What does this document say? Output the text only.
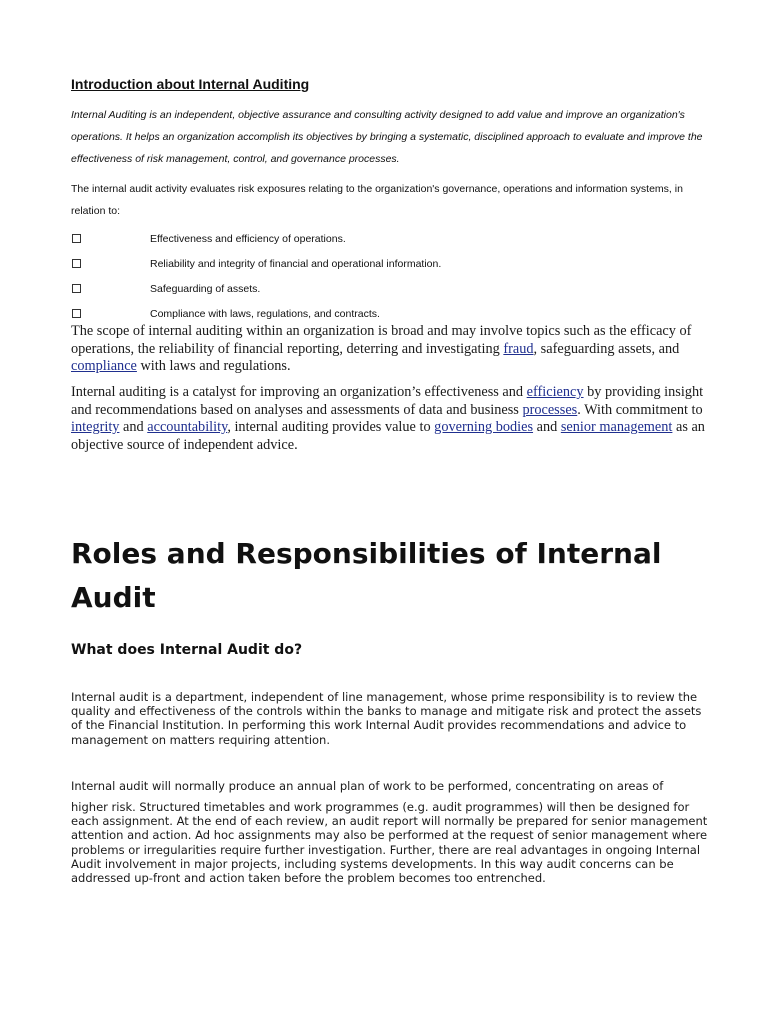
Introduction about Internal Auditing

Internal Auditing is an independent, objective assurance and consulting activity designed to add value and improve an organization's operations. It helps an organization accomplish its objectives by bringing a systematic, disciplined approach to evaluate and improve the effectiveness of risk management, control, and governance processes.

The internal audit activity evaluates risk exposures relating to the organization's governance, operations and information systems, in relation to:

Effectiveness and efficiency of operations.
Reliability and integrity of financial and operational information.
Safeguarding of assets.
Compliance with laws, regulations, and contracts.

The scope of internal auditing within an organization is broad and may involve topics such as the efficacy of operations, the reliability of financial reporting, deterring and investigating fraud, safeguarding assets, and compliance with laws and regulations.

Internal auditing is a catalyst for improving an organization’s effectiveness and efficiency by providing insight and recommendations based on analyses and assessments of data and business processes. With commitment to integrity and accountability, internal auditing provides value to governing bodies and senior management as an objective source of independent advice.

Roles and Responsibilities of Internal Audit
What does Internal Audit do?

Internal audit is a department, independent of line management, whose prime responsibility is to review the quality and effectiveness of the controls within the banks to manage and mitigate risk and protect the assets of the Financial Institution. In performing this work Internal Audit provides recommendations and advice to management on matters requiring attention.

Internal audit will normally produce an annual plan of work to be performed, concentrating on areas of

higher risk. Structured timetables and work programmes (e.g. audit programmes) will then be designed for each assignment. At the end of each review, an audit report will normally be prepared for senior management attention and action. Ad hoc assignments may also be performed at the request of senior management where problems or irregularities require further investigation. Further, there are real advantages in ongoing Internal Audit involvement in major projects, including systems developments. In this way audit concerns can be addressed up-front and action taken before the problem becomes too entrenched.
